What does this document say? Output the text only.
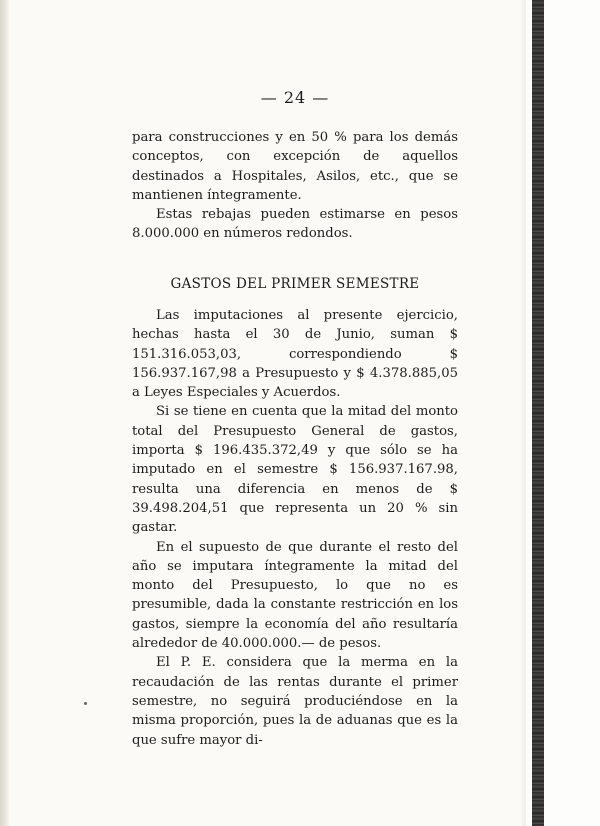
— 24 —

para construcciones y en 50 % para los demás conceptos, con excepción de aquellos destinados a Hospitales, Asilos, etc., que se mantienen íntegramente.

Estas rebajas pueden estimarse en pesos 8.000.000 en números redondos.

GASTOS DEL PRIMER SEMESTRE

Las imputaciones al presente ejercicio, hechas hasta el 30 de Junio, suman $ 151.316.053,03, correspondiendo $ 156.937.167,98 a Presupuesto y $ 4.378.885,05 a Leyes Especiales y Acuerdos.

Si se tiene en cuenta que la mitad del monto total del Presupuesto General de gastos, importa $ 196.435.372,49 y que sólo se ha imputado en el semestre $ 156.937.167.98, resulta una diferencia en menos de $ 39.498.204,51 que representa un 20 % sin gastar.

En el supuesto de que durante el resto del año se imputara íntegramente la mitad del monto del Presupuesto, lo que no es presumible, dada la constante restricción en los gastos, siempre la economía del año resultaría alrededor de 40.000.000.— de pesos.

El P. E. considera que la merma en la recaudación de las rentas durante el primer semestre, no seguirá produciéndose en la misma proporción, pues la de aduanas que es la que sufre mayor di-
